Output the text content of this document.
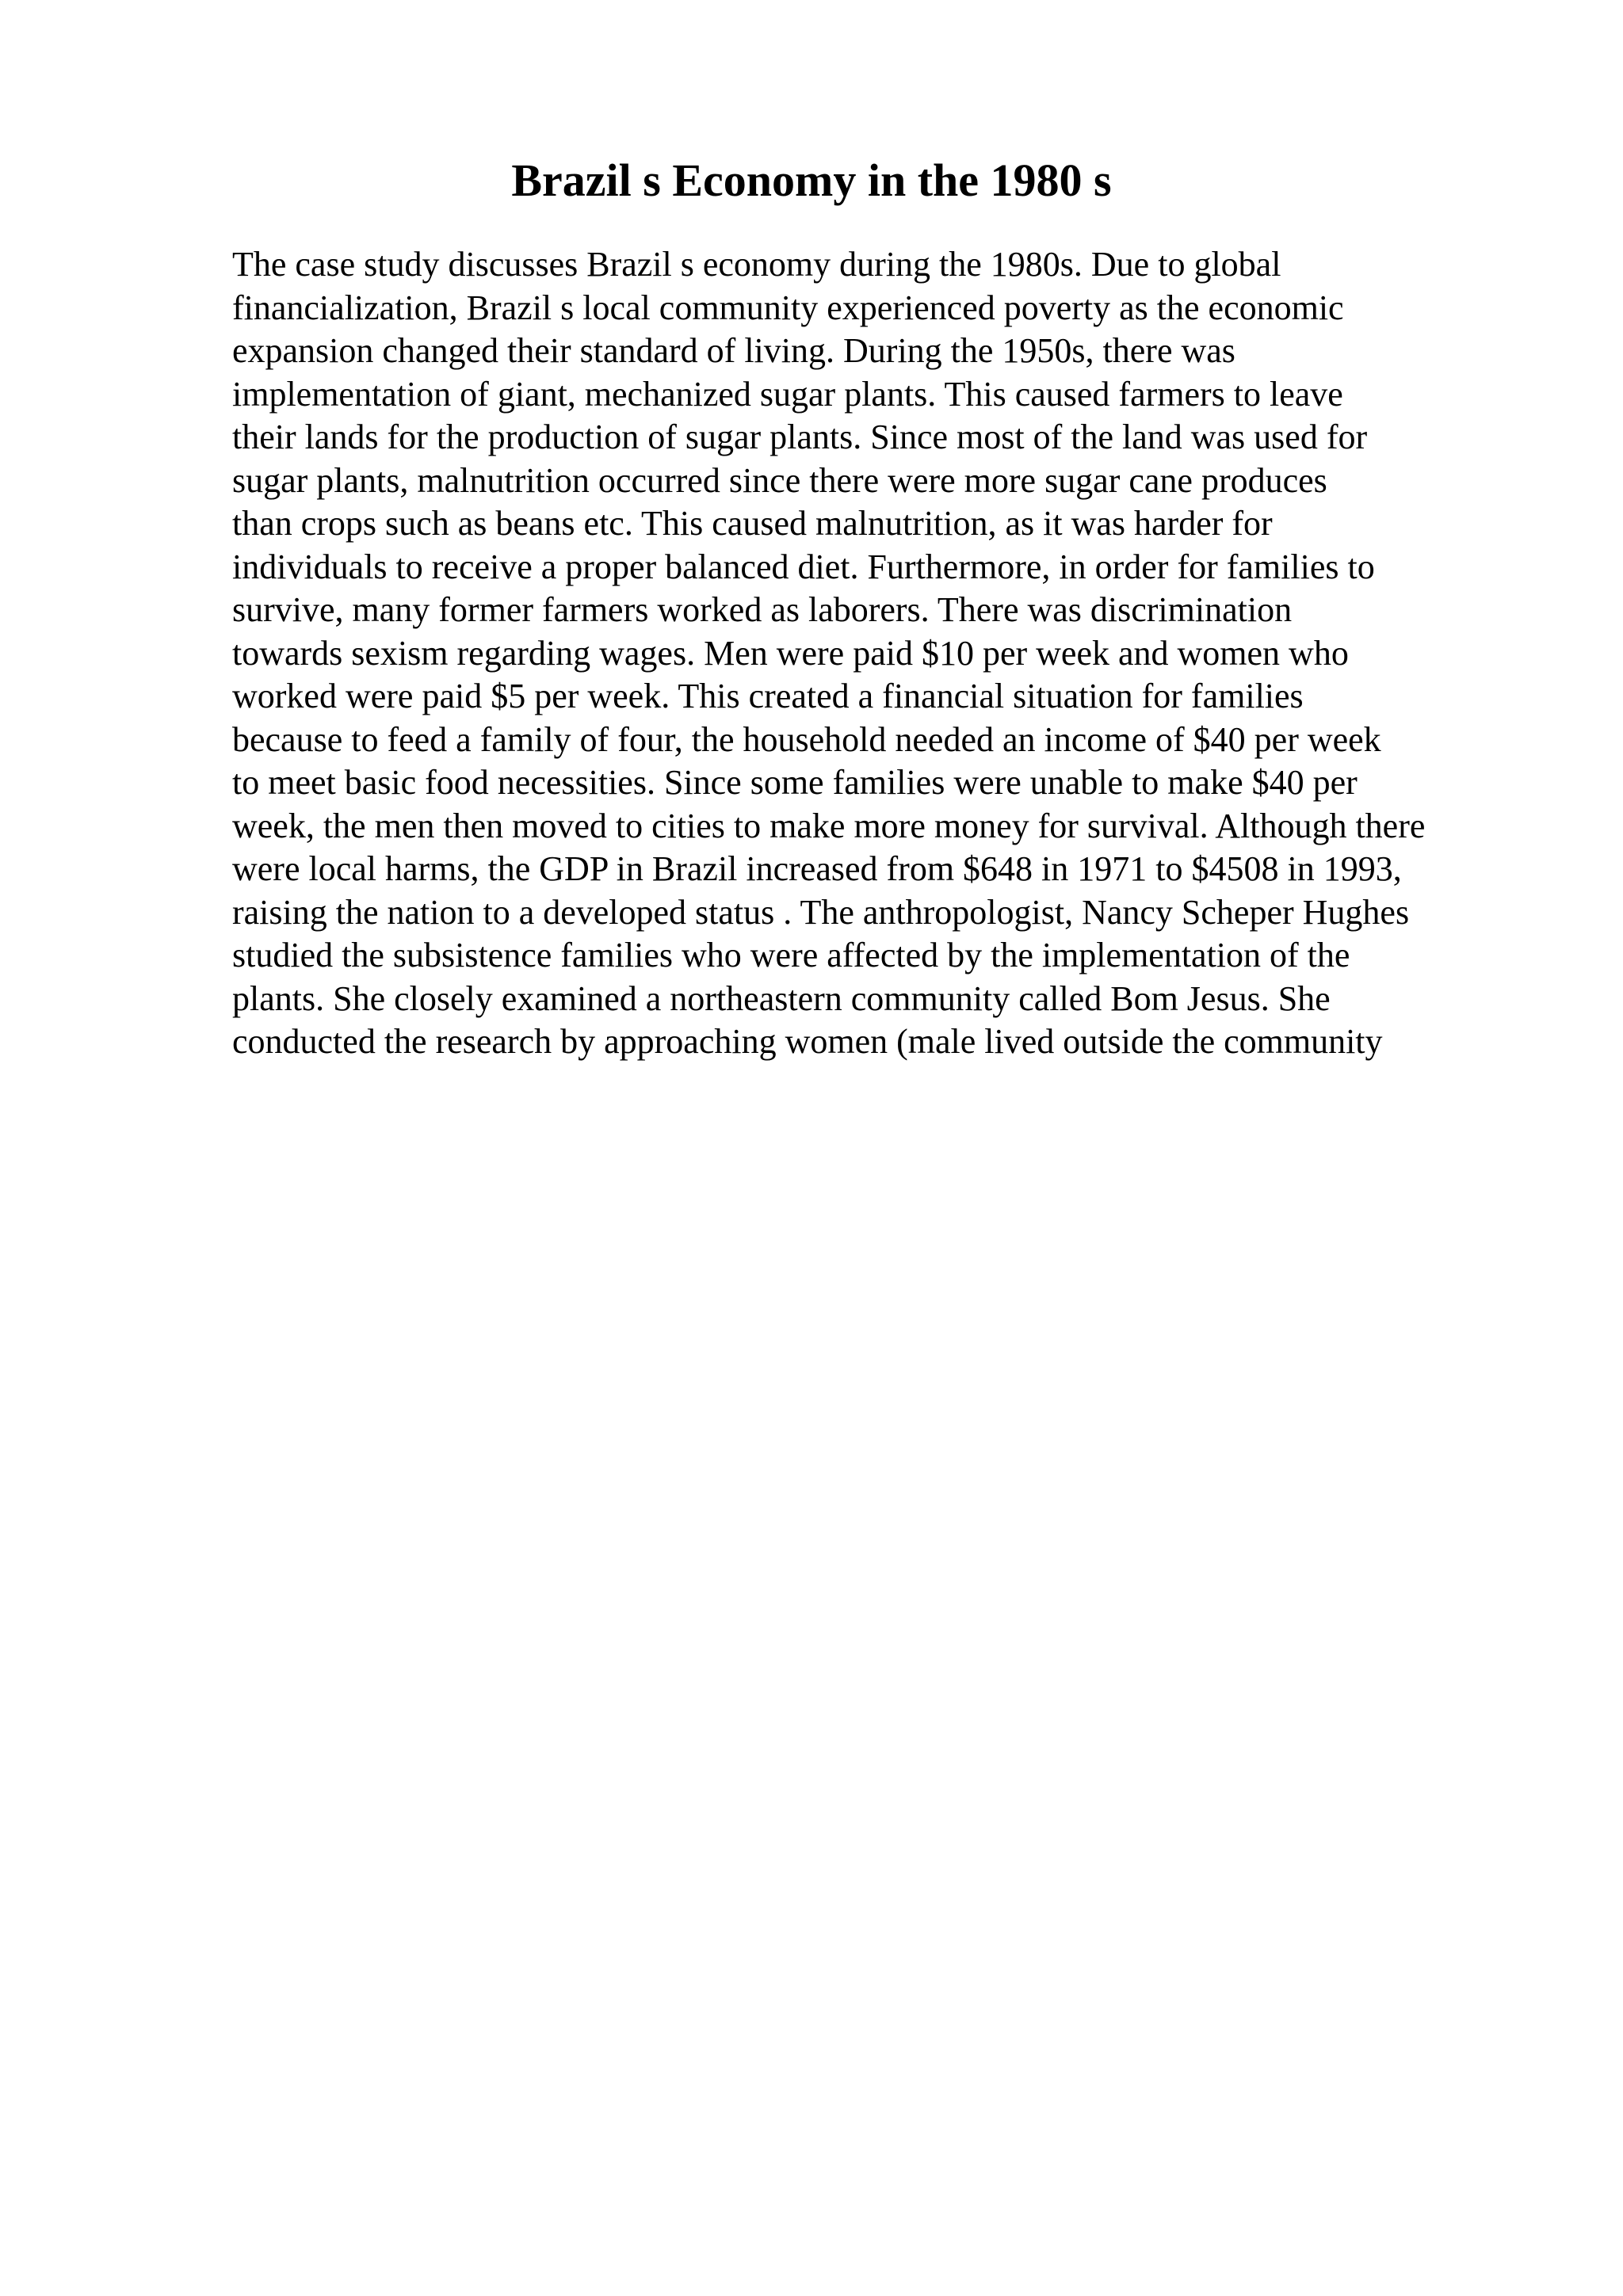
Brazil s Economy in the 1980 s
The case study discusses Brazil s economy during the 1980s. Due to global
financialization, Brazil s local community experienced poverty as the economic
expansion changed their standard of living. During the 1950s, there was
implementation of giant, mechanized sugar plants. This caused farmers to leave
their lands for the production of sugar plants. Since most of the land was used for
sugar plants, malnutrition occurred since there were more sugar cane produces
than crops such as beans etc. This caused malnutrition, as it was harder for
individuals to receive a proper balanced diet. Furthermore, in order for families to
survive, many former farmers worked as laborers. There was discrimination
towards sexism regarding wages. Men were paid $10 per week and women who
worked were paid $5 per week. This created a financial situation for families
because to feed a family of four, the household needed an income of $40 per week
to meet basic food necessities. Since some families were unable to make $40 per
week, the men then moved to cities to make more money for survival. Although there
were local harms, the GDP in Brazil increased from $648 in 1971 to $4508 in 1993,
raising the nation to a developed status . The anthropologist, Nancy Scheper Hughes
studied the subsistence families who were affected by the implementation of the
plants. She closely examined a northeastern community called Bom Jesus. She
conducted the research by approaching women (male lived outside the community
